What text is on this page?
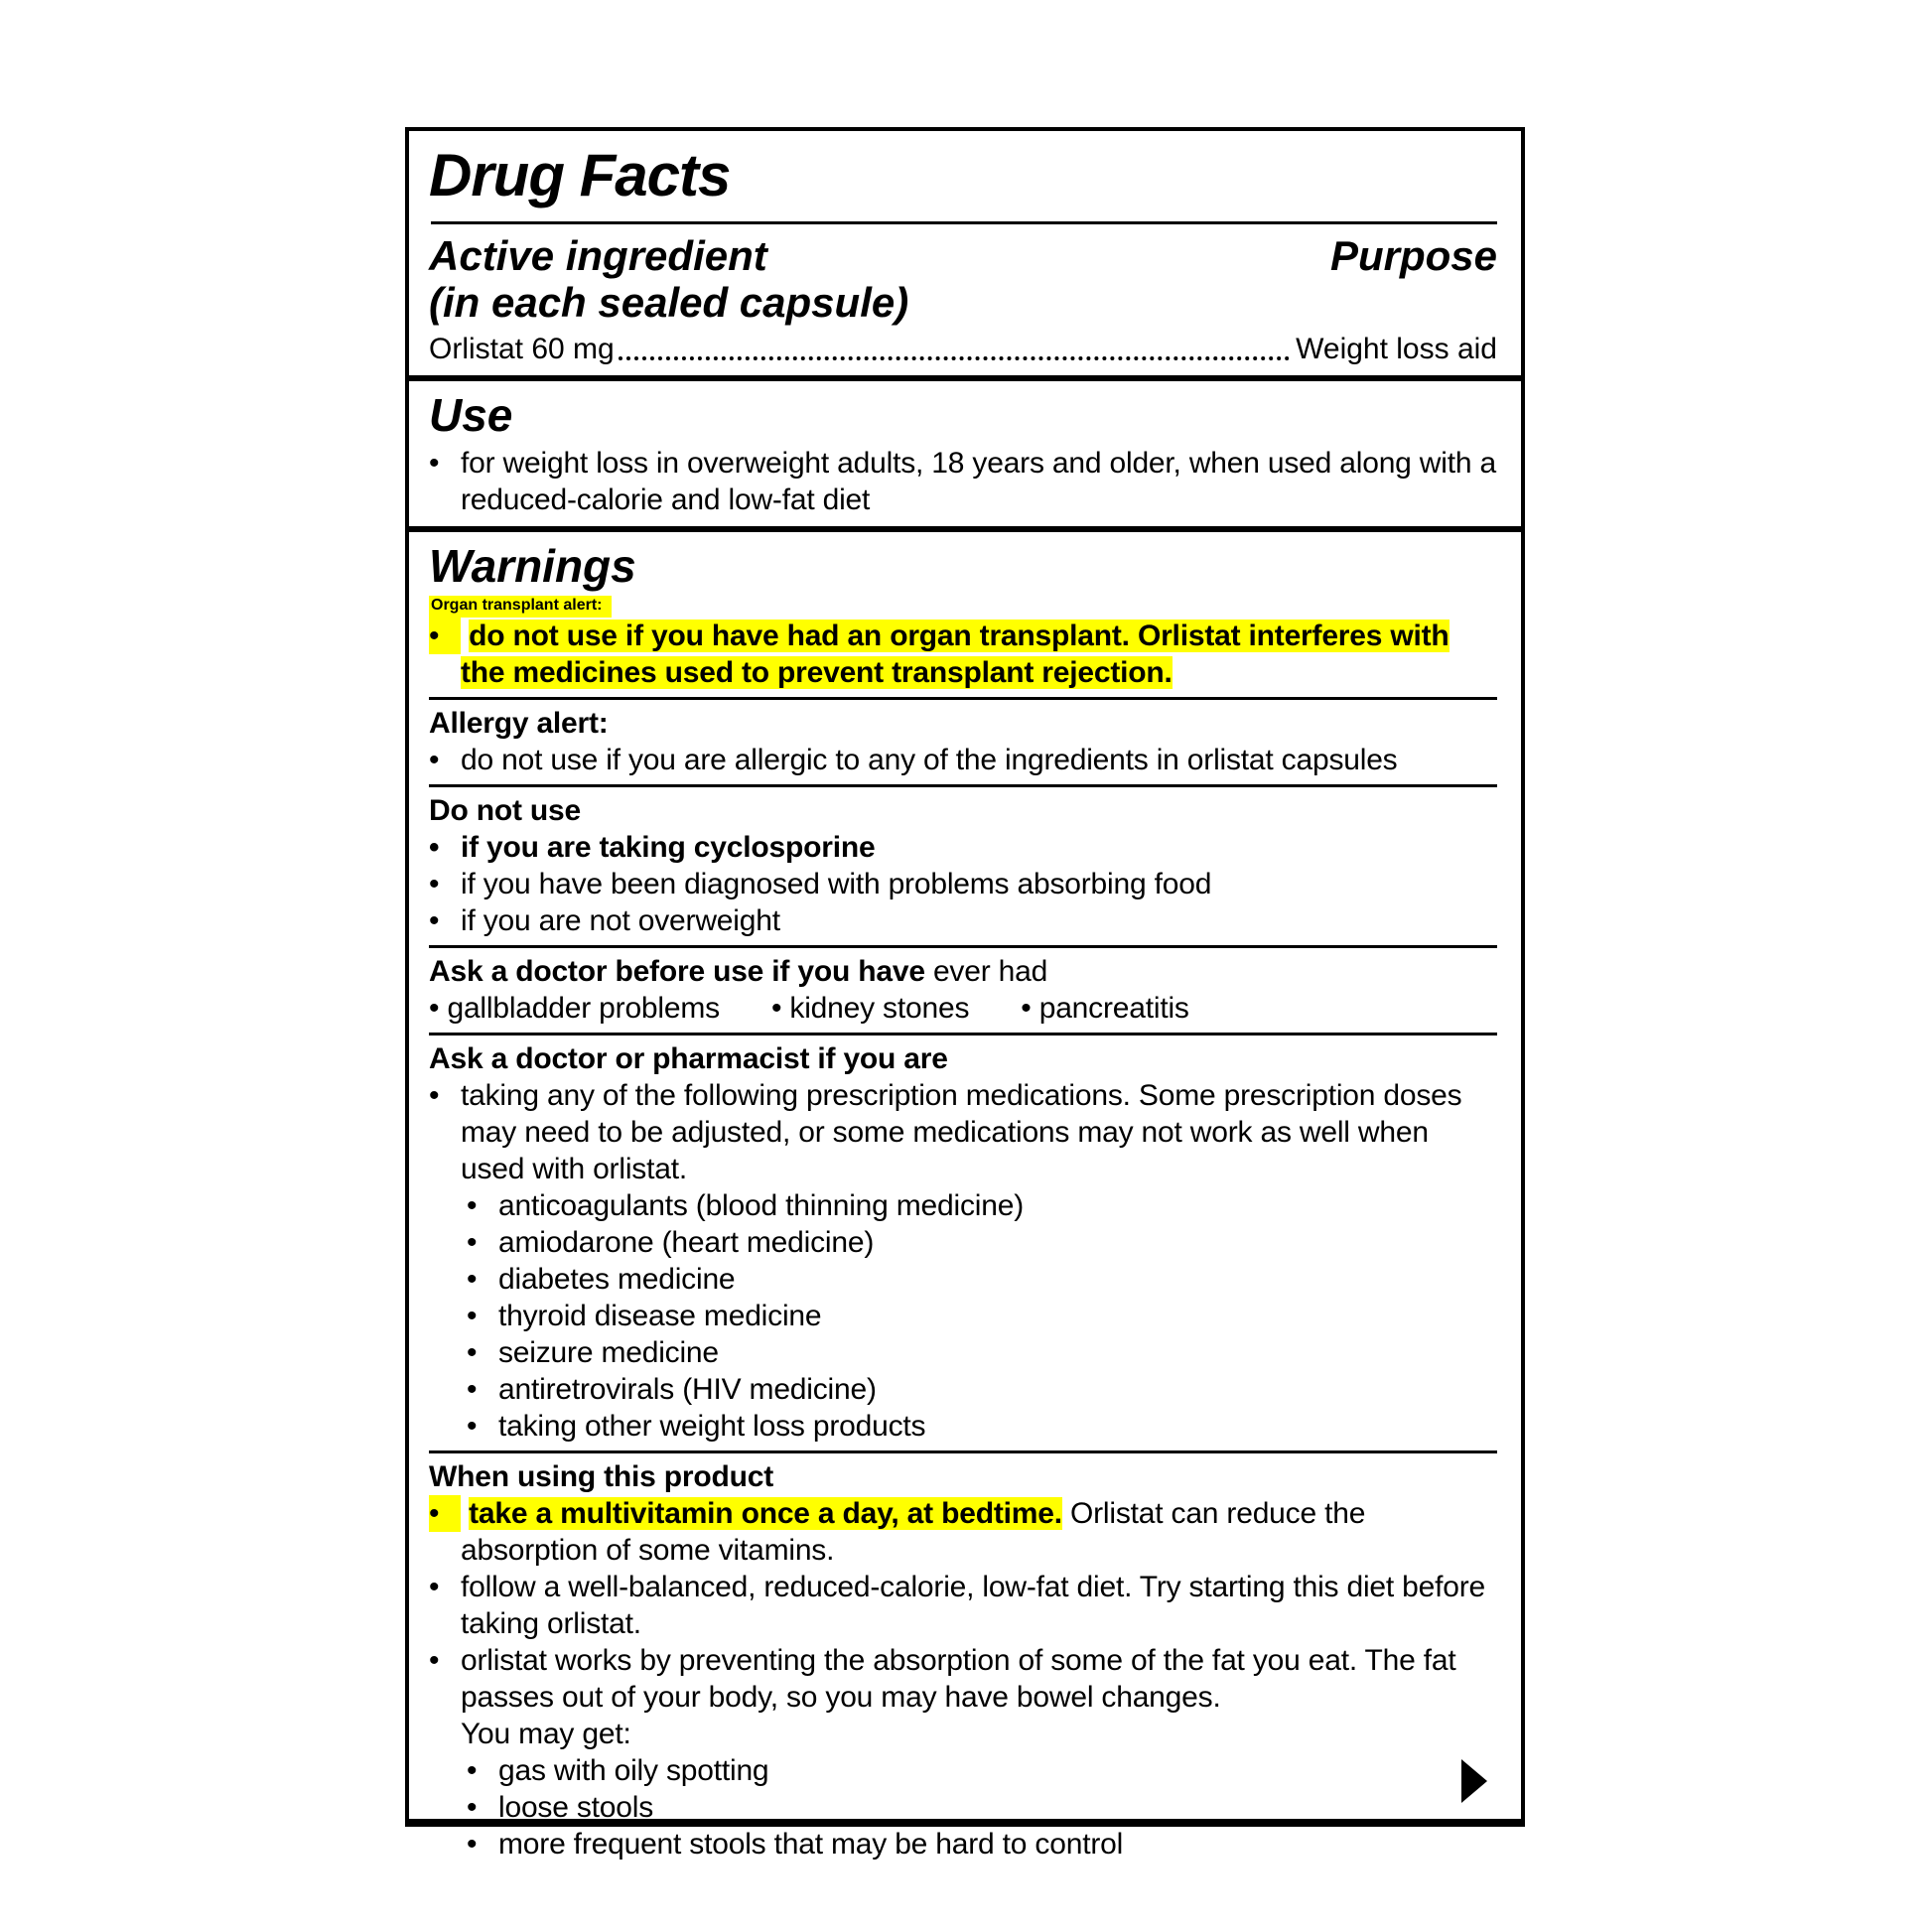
Drug Facts
Active ingredient
(in each sealed capsule)
Purpose
Orlistat 60 mg	Weight loss aid
Use
• for weight loss in overweight adults, 18 years and older, when used along with a reduced-calorie and low-fat diet
Warnings
Organ transplant alert:
• do not use if you have had an organ transplant. Orlistat interferes with the medicines used to prevent transplant rejection.
Allergy alert:
• do not use if you are allergic to any of the ingredients in orlistat capsules
Do not use
• if you are taking cyclosporine
• if you have been diagnosed with problems absorbing food
• if you are not overweight
Ask a doctor before use if you have ever had
• gallbladder problems	• kidney stones	• pancreatitis
Ask a doctor or pharmacist if you are
• taking any of the following prescription medications. Some prescription doses may need to be adjusted, or some medications may not work as well when used with orlistat.
• anticoagulants (blood thinning medicine)
• amiodarone (heart medicine)
• diabetes medicine
• thyroid disease medicine
• seizure medicine
• antiretrovirals (HIV medicine)
• taking other weight loss products
When using this product
• take a multivitamin once a day, at bedtime. Orlistat can reduce the absorption of some vitamins.
• follow a well-balanced, reduced-calorie, low-fat diet. Try starting this diet before taking orlistat.
• orlistat works by preventing the absorption of some of the fat you eat. The fat passes out of your body, so you may have bowel changes.
You may get:
• gas with oily spotting
• loose stools
• more frequent stools that may be hard to control
